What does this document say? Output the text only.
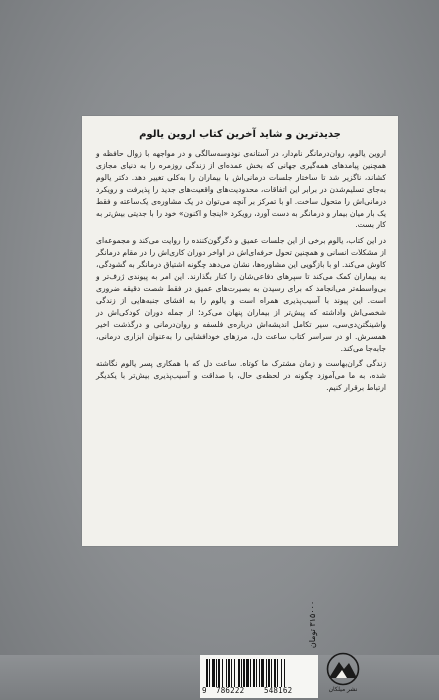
جدیدترین و شاید آخرین کتاب اروین یالوم

اروین یالوم، روان‌درمانگر نام‌دار، در آستانه‌ی نودوسه‌سالگی و در مواجهه با زوال حافظه و همچنین پیامدهای همه‌گیری جهانی که بخش عمده‌ای از زندگی روزمره را به دنیای مجازی کشاند، ناگزیر شد تا ساختار جلسات درمانی‌اش با بیماران را به‌کلی تغییر دهد. دکتر یالوم به‌جای تسلیم‌شدن در برابر این اتفاقات، محدودیت‌های واقعیت‌های جدید را پذیرفت و رویکرد درمانی‌اش را متحول ساخت. او با تمرکز بر آنچه می‌توان در یک مشاوره‌ی یک‌ساعته و فقط یک بار میان بیمار و درمانگر به دست آورد، رویکرد «اینجا و اکنون» خود را با جدیتی بیش‌تر به کار بست.

در این کتاب، یالوم برخی از این جلسات عمیق و دگرگون‌کننده را روایت می‌کند و مجموعه‌ای از مشکلات انسانی و همچنین تحول حرفه‌ای‌اش در اواخر دوران کاری‌اش را در مقام درمانگر کاوش می‌کند. او با بازگویی این مشاوره‌ها، نشان می‌دهد چگونه اشتیاق درمانگر به گشودگی، به بیماران کمک می‌کند تا سپرهای دفاعی‌شان را کنار بگذارند. این امر به پیوندی ژرف‌تر و بی‌واسطه‌تر می‌انجامد که برای رسیدن به بصیرت‌های عمیق در فقط شصت دقیقه ضروری است. این پیوند با آسیب‌پذیری همراه است و یالوم را به افشای جنبه‌هایی از زندگی شخصی‌اش واداشته که پیش‌تر از بیماران پنهان می‌کرد؛ از جمله دوران کودکی‌اش در واشینگتن‌دی‌سی، سیر تکامل اندیشه‌اش درباره‌ی فلسفه و روان‌درمانی و درگذشت اخیر همسرش. او در سراسر کتاب ساعت دل، مرزهای خودافشایی را به‌عنوان ابزاری درمانی، جابه‌جا می‌کند.

زندگی گران‌بهاست و زمان مشترک ما کوتاه. ساعت دل که با همکاری پسر یالوم نگاشته شده، به ما می‌آموزد چگونه در لحظه‌ی حال، با صداقت و آسیب‌پذیری بیش‌تر با یکدیگر ارتباط برقرار کنیم.

9 786222	548162
۳۱۵۰۰۰ تومان
نشر میلکان
